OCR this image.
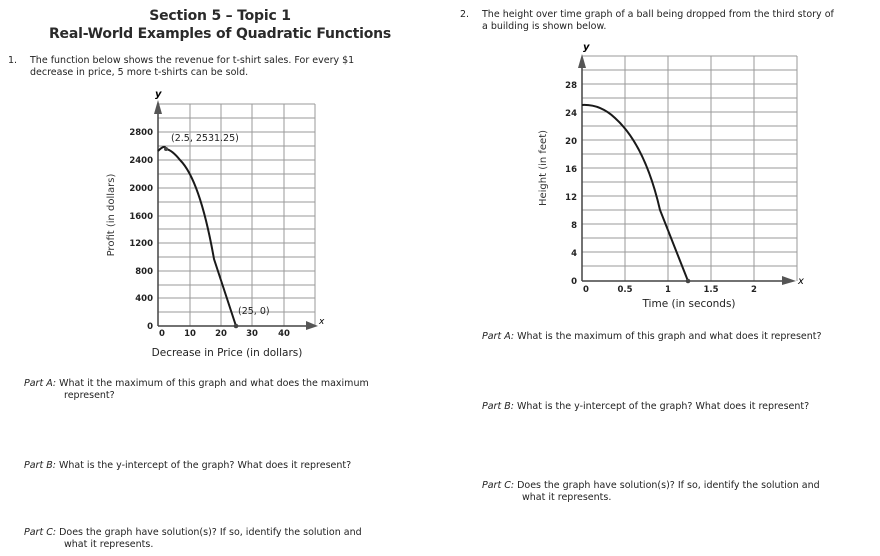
Section 5 – Topic 1
Real-World Examples of Quadratic Functions
1. The function below shows the revenue for t-shirt sales. For every $1
decrease in price, 5 more t-shirts can be sold.
y
x
0
400
800
1200
1600
2000
2400
2800
0 10 20 30 40
Decrease in Price (in dollars)
Profit (in dollars)
(2.5, 2531.25)
(25, 0)
Part A: What it the maximum of this graph and what does the maximum
represent?
Part B: What is the y-intercept of the graph? What does it represent?
Part C: Does the graph have solution(s)? If so, identify the solution and
what it represents.
2. The height over time graph of a ball being dropped from the third story of
a building is shown below.
y
x
0
4
8
12
16
20
24
28
0	0.5	1	1.5	2
Time (in seconds)
Height (in feet)
Part A: What is the maximum of this graph and what does it represent?
Part B: What is the y-intercept of the graph? What does it represent?
Part C: Does the graph have solution(s)? If so, identify the solution and
what it represents.
